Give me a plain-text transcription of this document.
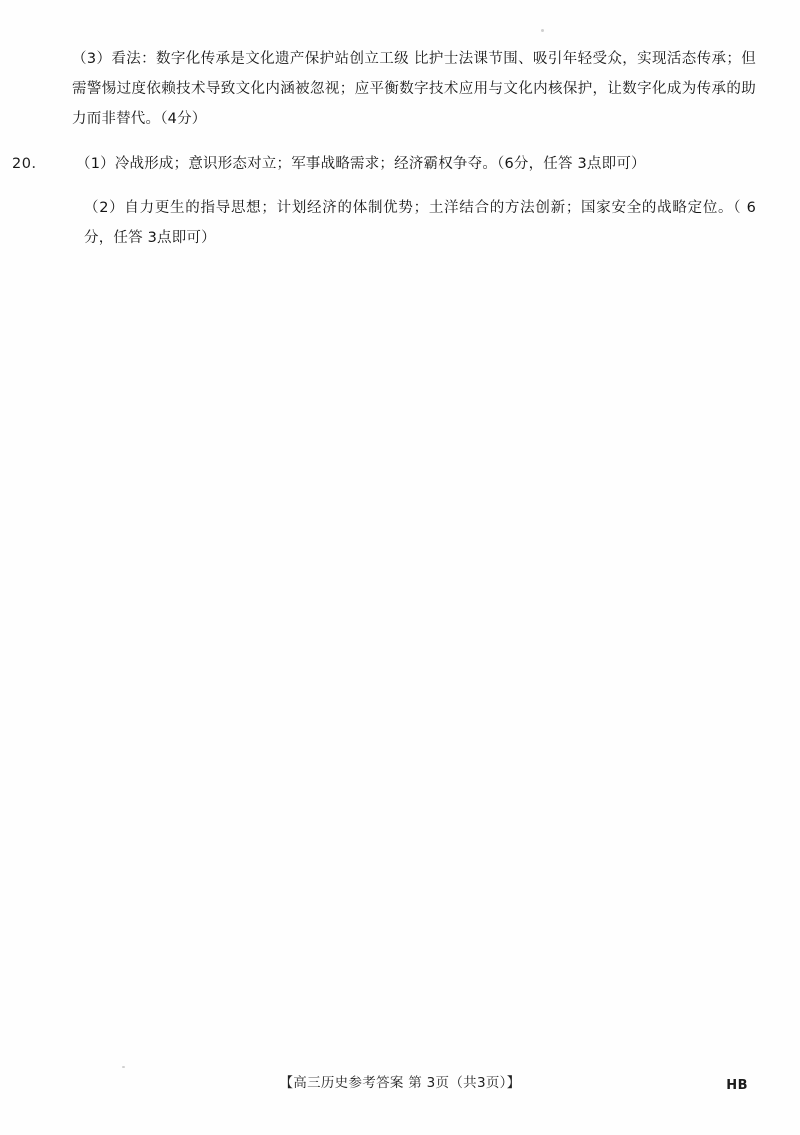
（3）看法：数字化传承是文化遗产保护站创立工级 比护士法课节围、吸引年轻受众，实现活态传承；但需警惕过度依赖技术导致文化内涵被忽视；应平衡数字技术应用与文化内核保护，让数字化成为传承的助力而非替代。（4分）

20．	（1）冷战形成；意识形态对立；军事战略需求；经济霸权争夺。（6分，任答 3点即可）

（2）自力更生的指导思想；计划经济的体制优势；土洋结合的方法创新；国家安全的战略定位。（ 6分，任答 3点即可）

【高三历史参考答案 第 3页（共3页）】	HB
